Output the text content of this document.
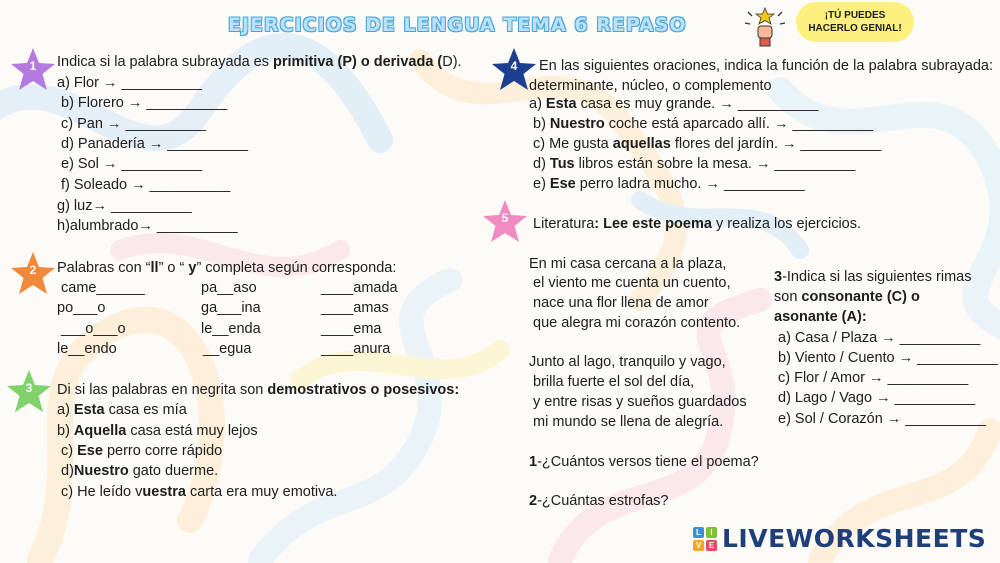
EJERCICIOS DE LENGUA TEMA 6 REPASO	¡TÚ PUEDES
HACERLO GENIAL!
1	Indica si la palabra subrayada es primitiva (P) o derivada (D).
a) Flor → __________
b) Florero → __________
c) Pan → __________
d) Panadería → __________
e) Sol → __________
f) Soleado → __________
g) luz→ __________
h)alumbrado→ __________
2	Palabras con “ll” o “ y” completa según corresponda:
came______	pa__aso	____amada
po___o	ga___ina	____amas
___o___o	le__enda	____ema
le__endo	__egua	____anura
3	Di si las palabras en negrita son demostrativos o posesivos:
a) Esta casa es mía
b) Aquella casa está muy lejos
c) Ese perro corre rápido
d)Nuestro gato duerme.
c) He leído vuestra carta era muy emotiva.
4	En las siguientes oraciones, indica la función de la palabra subrayada: determinante, núcleo, o complemento
a) Esta casa es muy grande. → __________
b) Nuestro coche está aparcado allí. → __________
c) Me gusta aquellas flores del jardín. → __________
d) Tus libros están sobre la mesa. → __________
e) Ese perro ladra mucho. → __________
5	Literatura: Lee este poema y realiza los ejercicios.
En mi casa cercana a la plaza,
el viento me cuenta un cuento,
nace una flor llena de amor
que alegra mi corazón contento.
Junto al lago, tranquilo y vago,
brilla fuerte el sol del día,
y entre risas y sueños guardados
mi mundo se llena de alegría.
1-¿Cuántos versos tiene el poema?
2-¿Cuántas estrofas?
3-Indica si las siguientes rimas
son consonante (C) o
asonante (A):
a) Casa / Plaza → __________
b) Viento / Cuento → __________
c) Flor / Amor → __________
d) Lago / Vago → __________
e) Sol / Corazón → __________
L	I
V E LIVEWORKSHEETS
